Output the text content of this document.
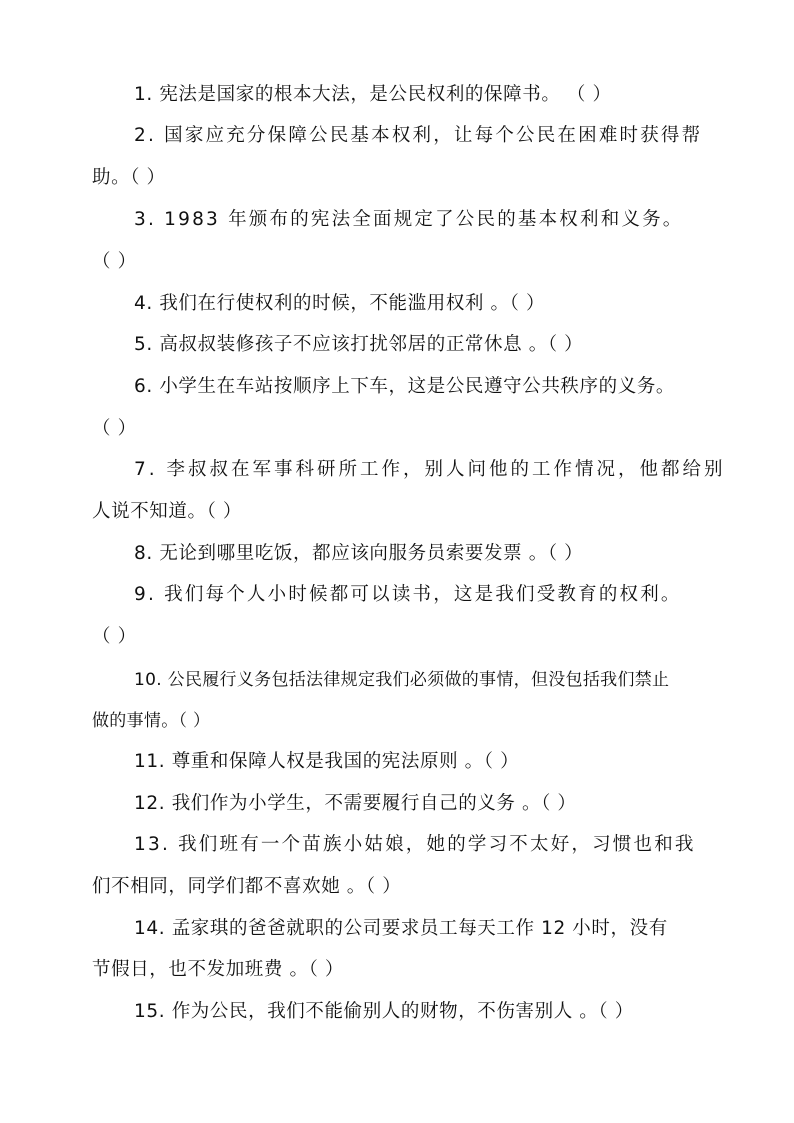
1. 宪法是国家的根本大法，是公民权利的保障书。 （ ）
2. 国家应充分保障公民基本权利，让每个公民在困难时获得帮
助。（ ）
3. 1983 年颁布的宪法全面规定了公民的基本权利和义务。
（ ）
4. 我们在行使权利的时候，不能滥用权利 。（ ）
5. 高叔叔装修孩子不应该打扰邻居的正常休息 。（ ）
6. 小学生在车站按顺序上下车，这是公民遵守公共秩序的义务。
（ ）
7. 李叔叔在军事科研所工作，别人问他的工作情况，他都给别
人说不知道。（ ）
8. 无论到哪里吃饭，都应该向服务员索要发票 。（ ）
9. 我们每个人小时候都可以读书，这是我们受教育的权利。
（ ）
10. 公民履行义务包括法律规定我们必须做的事情，但没包括我们禁止
做的事情。（ ）
11. 尊重和保障人权是我国的宪法原则 。（ ）
12. 我们作为小学生，不需要履行自己的义务 。（ ）
13. 我们班有一个苗族小姑娘，她的学习不太好，习惯也和我
们不相同，同学们都不喜欢她 。（ ）
14. 孟家琪的爸爸就职的公司要求员工每天工作 12 小时，没有
节假日，也不发加班费 。（ ）
15. 作为公民，我们不能偷别人的财物，不伤害别人 。（ ）
